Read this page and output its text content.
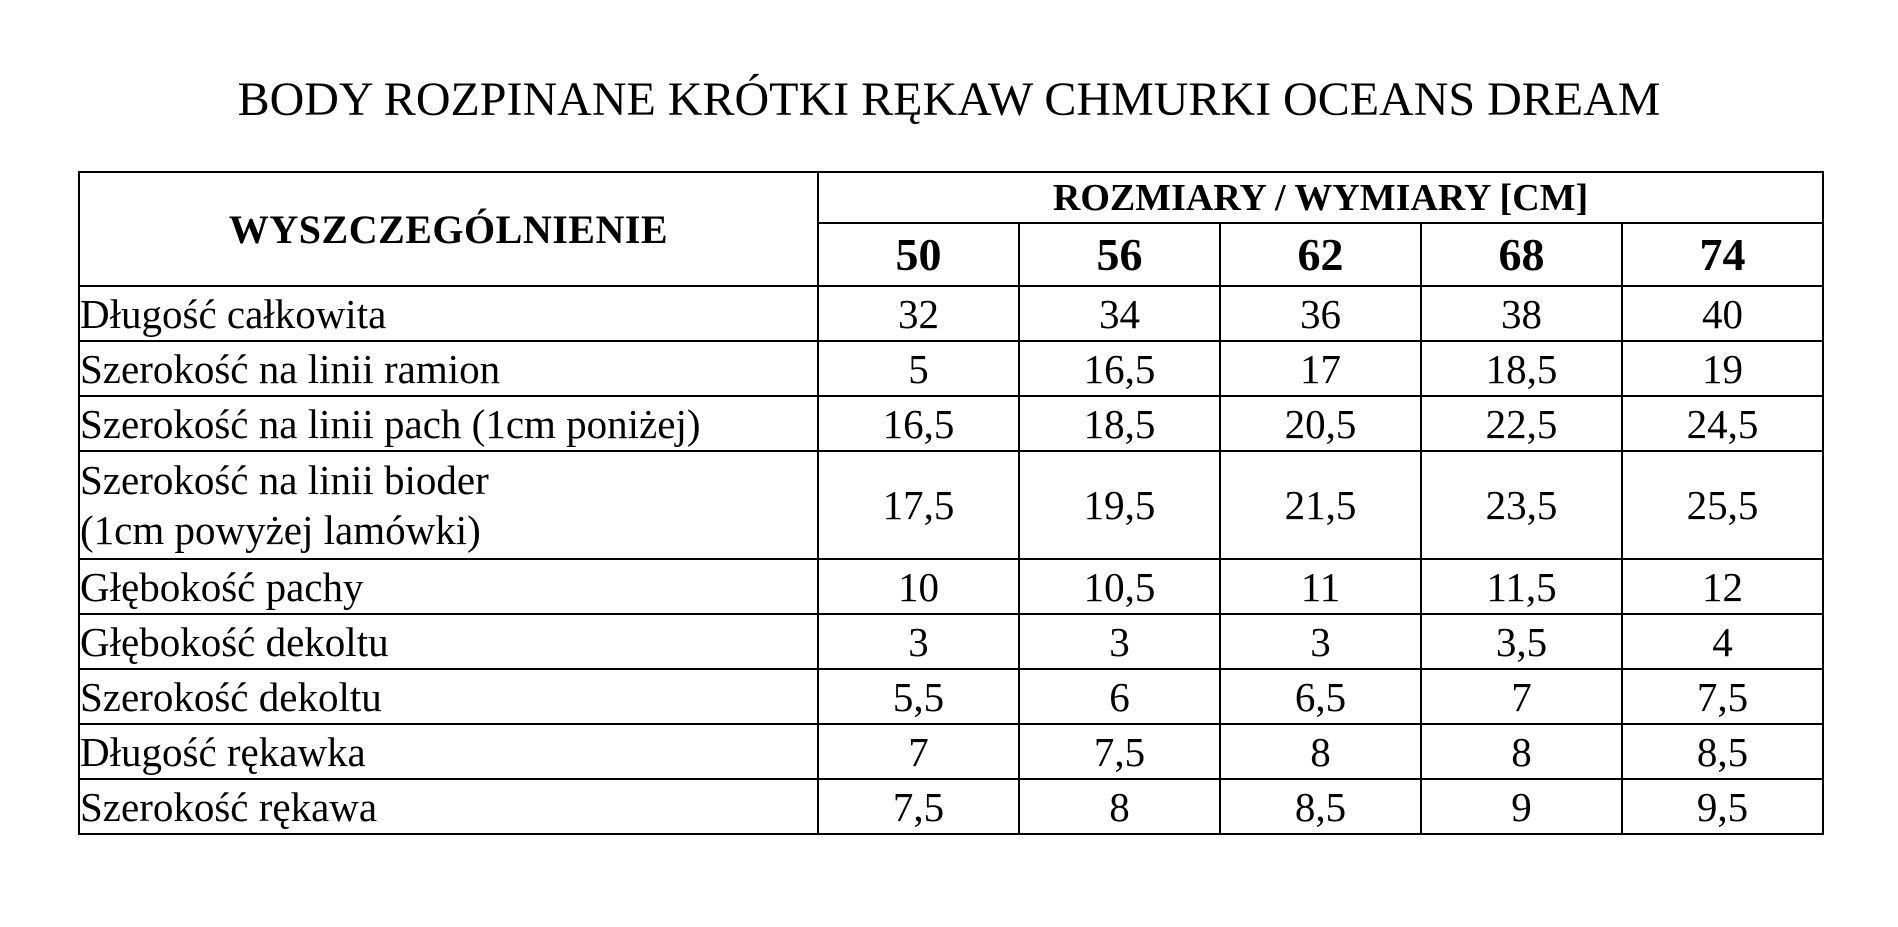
BODY ROZPINANE KRÓTKI RĘKAW CHMURKI OCEANS DREAM
WYSZCZEGÓLNIENIE	ROZMIARY / WYMIARY [CM]				
	50	56	62	68	74
Długość całkowita	32	34	36	38	40
Szerokość na linii ramion	5	16,5	17	18,5	19
Szerokość na linii pach (1cm poniżej)	16,5	18,5	20,5	22,5	24,5

Szerokość na linii bioder
(1cm powyżej lamówki)	17,5	19,5	21,5	23,5	25,5
Głębokość pachy	10	10,5	11	11,5	12
Głębokość dekoltu	3	3	3	3,5	4
Szerokość dekoltu	5,5	6	6,5	7	7,5
Długość rękawka	7	7,5	8	8	8,5
Szerokość rękawa	7,5	8	8,5	9	9,5
